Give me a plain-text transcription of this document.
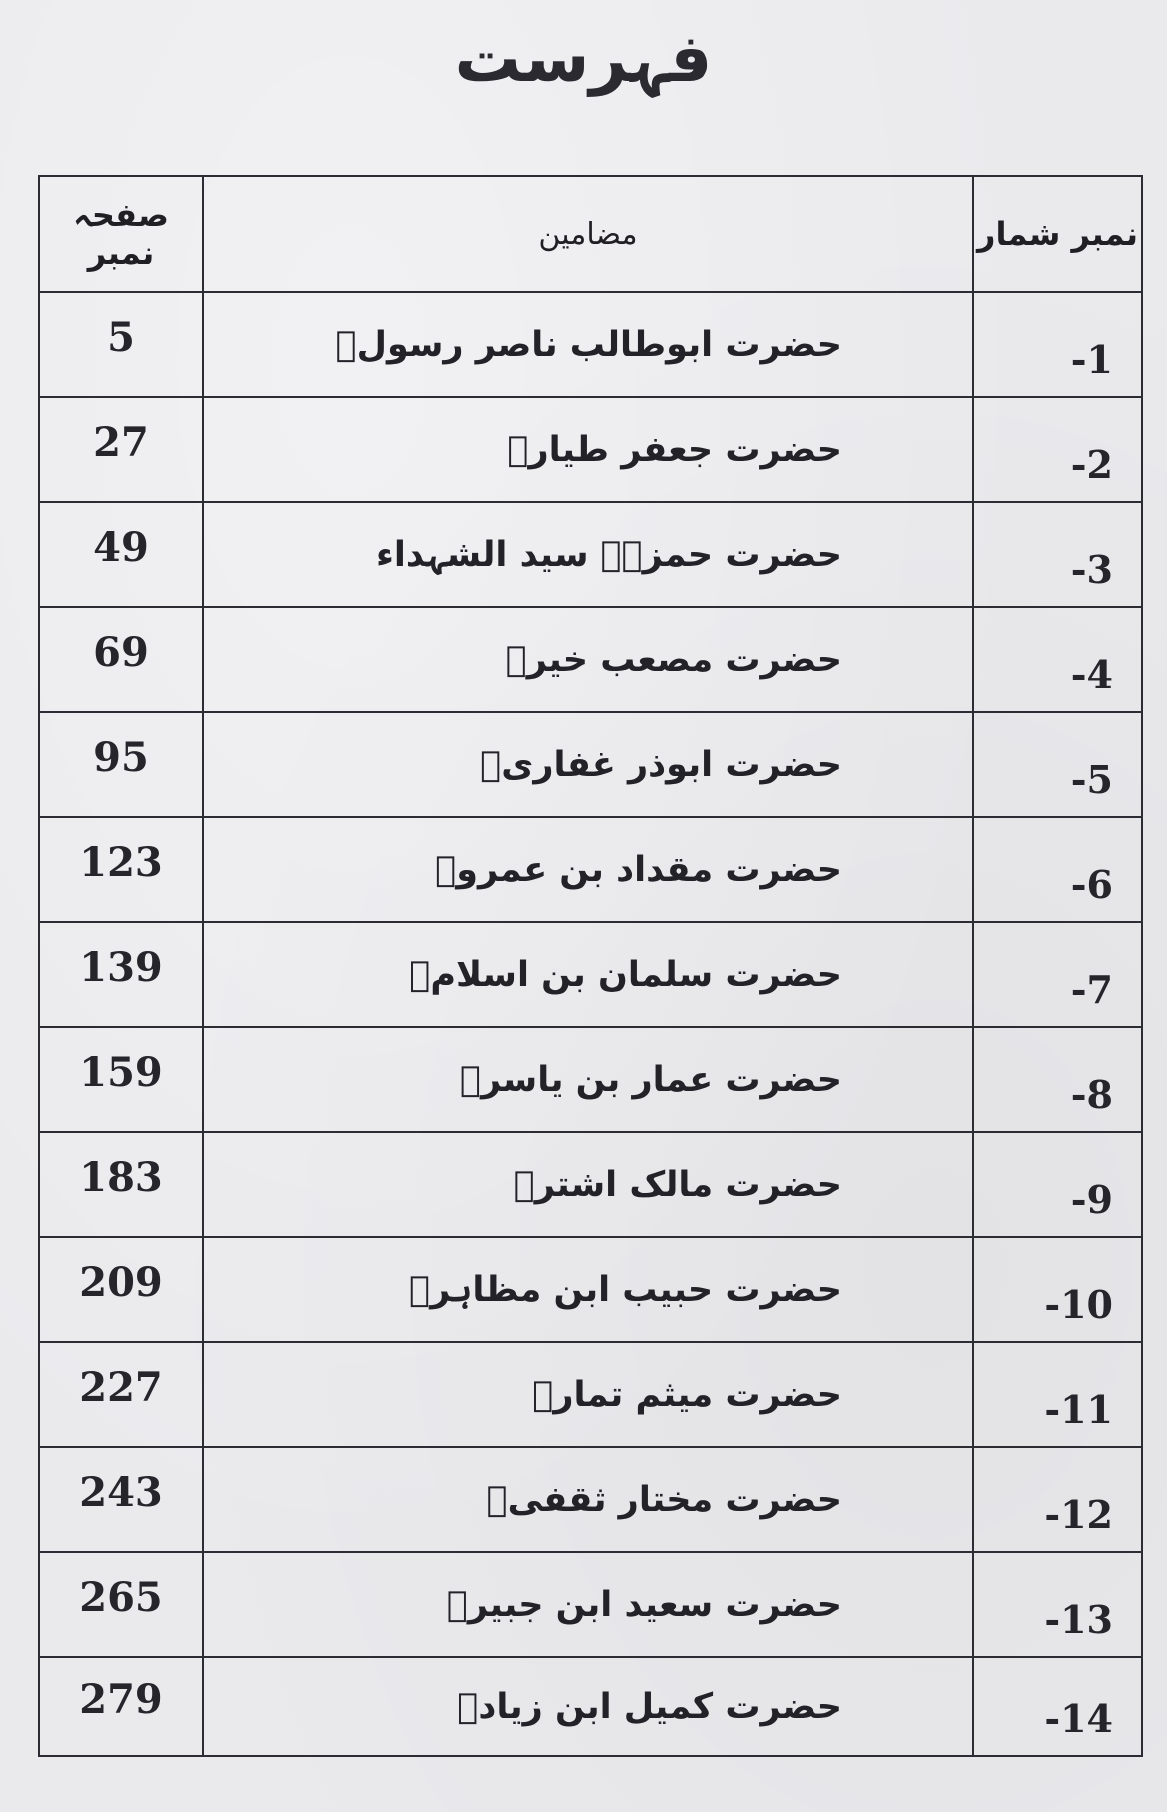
فہرست
صفحہ نمبر	مضامین	نمبر شمار
5	حضرت ابوطالب ناصر رسولؐ	-1
27	حضرت جعفر طیارؓ	-2
49	حضرت حمزہؓ سید الشہداء	-3
69	حضرت مصعب خیرؓ	-4
95	حضرت ابوذر غفاریؓ	-5
123	حضرت مقداد بن عمروؓ	-6
139	حضرت سلمان بن اسلامؓ	-7
159	حضرت عمار بن یاسرؓ	-8
183	حضرت مالک اشترؓ	-9
209	حضرت حبیب ابن مظاہرؓ	-10
227	حضرت میثم تمارؓ	-11
243	حضرت مختار ثقفیؓ	-12
265	حضرت سعید ابن جبیرؓ	-13
279	حضرت کمیل ابن زیادؓ	-14
